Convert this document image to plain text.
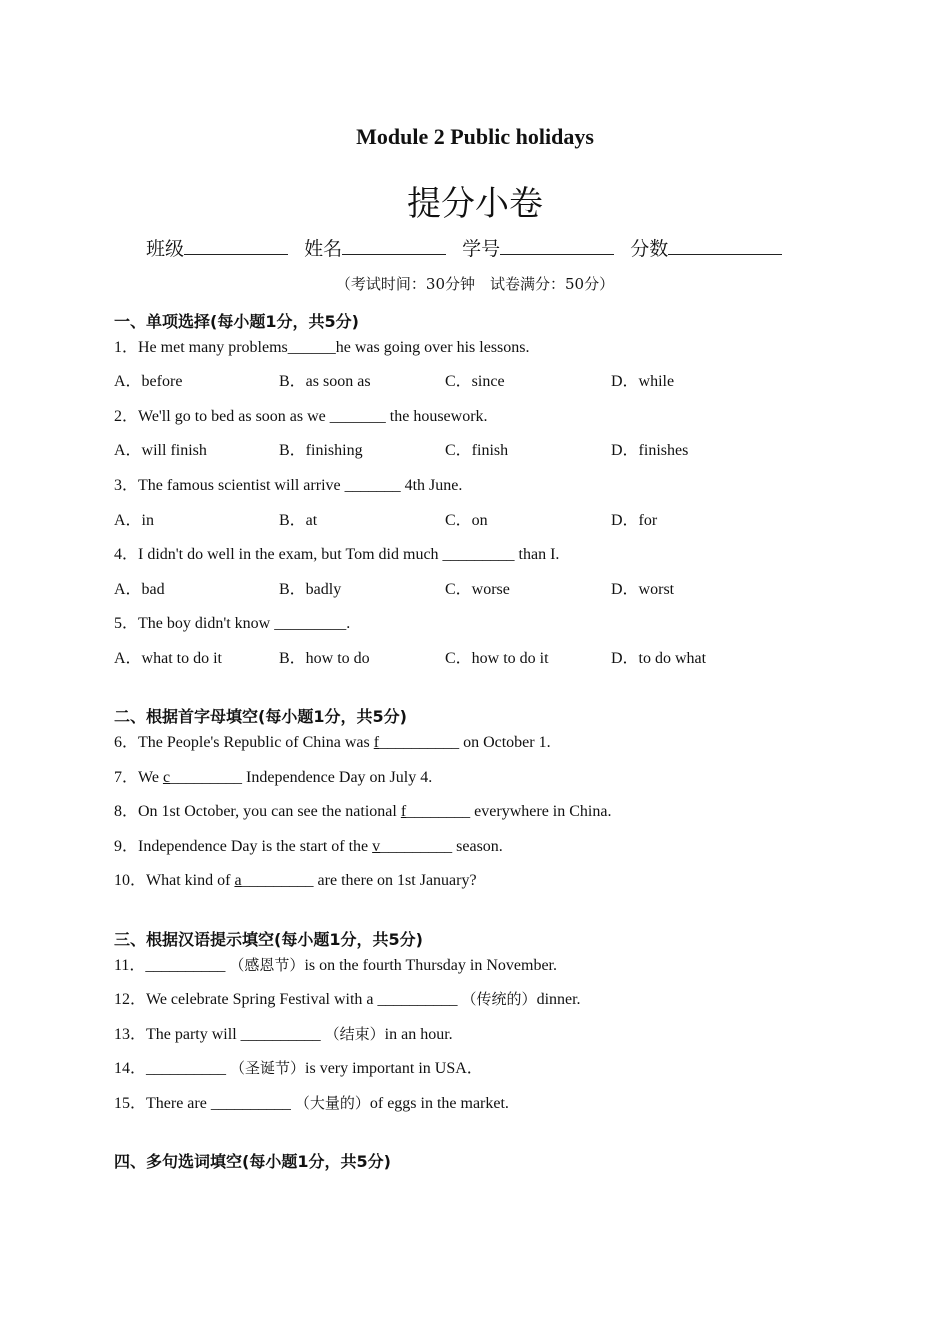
Module 2 Public holidays
提分小卷
班级	姓名	学号	分数
（考试时间：30分钟　试卷满分：50分）
一、单项选择(每小题1分，共5分)
1．He met many problems______he was going over his lessons.
A．before	B．as soon as	C．since	D．while
2．We'll go to bed as soon as we _______ the housework.
A．will finish	B．finishing	C．finish	D．finishes
3．The famous scientist will arrive _______ 4th June.
A．in	B．at	C．on	D．for
4．I didn't do well in the exam, but Tom did much _________ than I.
A．bad	B．badly	C．worse	D．worst
5．The boy didn't know _________.
A．what to do it	B．how to do	C．how to do it	D．to do what
二、根据首字母填空(每小题1分，共5分)
6．The People's Republic of China was f__________ on October 1.
7．We c_________ Independence Day on July 4.
8．On 1st October, you can see the national f________ everywhere in China.
9．Independence Day is the start of the v_________ season.
10．What kind of a_________ are there on 1st January?
三、根据汉语提示填空(每小题1分，共5分)
11．__________ （感恩节）is on the fourth Thursday in November.
12．We celebrate Spring Festival with a __________ （传统的）dinner.
13．The party will __________ （结束）in an hour.
14．__________ （圣诞节）is very important in USA．
15．There are __________ （大量的）of eggs in the market.
四、多句选词填空(每小题1分，共5分)
